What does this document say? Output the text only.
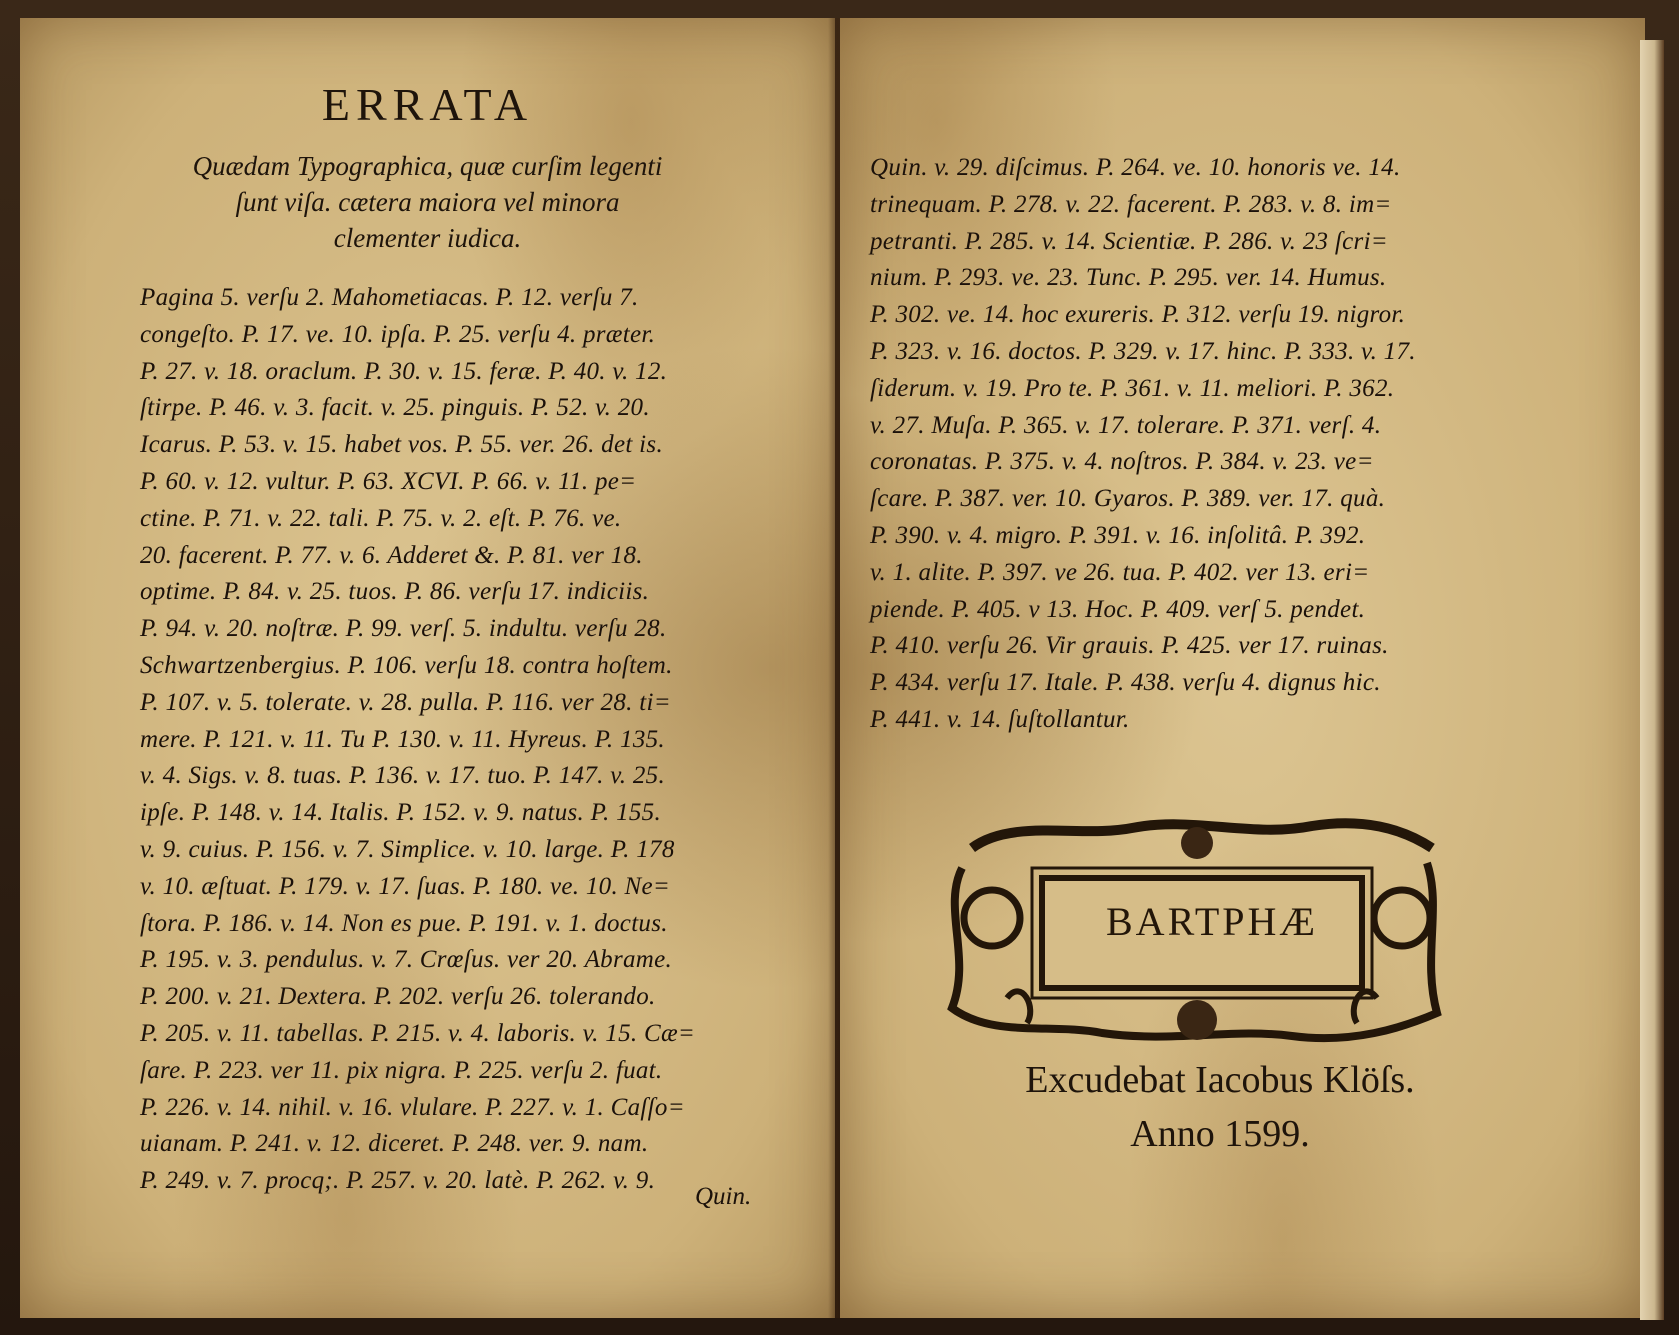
ERRATA
Quædam Typographica, quæ curſim legenti
ſunt viſa. cætera maiora vel minora
clementer iudica.
Pagina 5. verſu 2. Mahometiacas. P. 12. verſu 7.
congeſto. P. 17. ve. 10. ipſa. P. 25. verſu 4. præter.
P. 27. v. 18. oraclum. P. 30. v. 15. feræ. P. 40. v. 12.
ſtirpe. P. 46. v. 3. facit. v. 25. pinguis. P. 52. v. 20.
Icarus. P. 53. v. 15. habet vos. P. 55. ver. 26. det is.
P. 60. v. 12. vultur. P. 63. XCVI. P. 66. v. 11. pe=
ctine. P. 71. v. 22. tali. P. 75. v. 2. eſt. P. 76. ve.
20. facerent. P. 77. v. 6. Adderet &. P. 81. ver 18.
optime. P. 84. v. 25. tuos. P. 86. verſu 17. indiciis.
P. 94. v. 20. noſtræ. P. 99. verſ. 5. indultu. verſu 28.
Schwartzenbergius. P. 106. verſu 18. contra hoſtem.
P. 107. v. 5. tolerate. v. 28. pulla. P. 116. ver 28. ti=
mere. P. 121. v. 11. Tu P. 130. v. 11. Hyreus. P. 135.
v. 4. Sigs. v. 8. tuas. P. 136. v. 17. tuo. P. 147. v. 25.
ipſe. P. 148. v. 14. Italis. P. 152. v. 9. natus. P. 155.
v. 9. cuius. P. 156. v. 7. Simplice. v. 10. large. P. 178
v. 10. æſtuat. P. 179. v. 17. ſuas. P. 180. ve. 10. Ne=
ſtora. P. 186. v. 14. Non es pue. P. 191. v. 1. doctus.
P. 195. v. 3. pendulus. v. 7. Crœſus. ver 20. Abrame.
P. 200. v. 21. Dextera. P. 202. verſu 26. tolerando.
P. 205. v. 11. tabellas. P. 215. v. 4. laboris. v. 15. Cæ=
ſare. P. 223. ver 11. pix nigra. P. 225. verſu 2. fuat.
P. 226. v. 14. nihil. v. 16. vlulare. P. 227. v. 1. Caſſo=
uianam. P. 241. v. 12. diceret. P. 248. ver. 9. nam.
P. 249. v. 7. procq;. P. 257. v. 20. latè. P. 262. v. 9.
Quin.
Quin. v. 29. diſcimus. P. 264. ve. 10. honoris ve. 14.
trinequam. P. 278. v. 22. facerent. P. 283. v. 8. im=
petranti. P. 285. v. 14. Scientiæ. P. 286. v. 23 ſcri=
nium. P. 293. ve. 23. Tunc. P. 295. ver. 14. Humus.
P. 302. ve. 14. hoc exureris. P. 312. verſu 19. nigror.
P. 323. v. 16. doctos. P. 329. v. 17. hinc. P. 333. v. 17.
ſiderum. v. 19. Pro te. P. 361. v. 11. meliori. P. 362.
v. 27. Muſa. P. 365. v. 17. tolerare. P. 371. verſ. 4.
coronatas. P. 375. v. 4. noſtros. P. 384. v. 23. ve=
ſcare. P. 387. ver. 10. Gyaros. P. 389. ver. 17. quà.
P. 390. v. 4. migro. P. 391. v. 16. inſolitâ. P. 392.
v. 1. alite. P. 397. ve 26. tua. P. 402. ver 13. eri=
piende. P. 405. v 13. Hoc. P. 409. verſ 5. pendet.
P. 410. verſu 26. Vir grauis. P. 425. ver 17. ruinas.
P. 434. verſu 17. Itale. P. 438. verſu 4. dignus hic.
P. 441. v. 14. ſuſtollantur.
BARTPHÆ
Excudebat Iacobus Klöſs.
Anno 1599.
